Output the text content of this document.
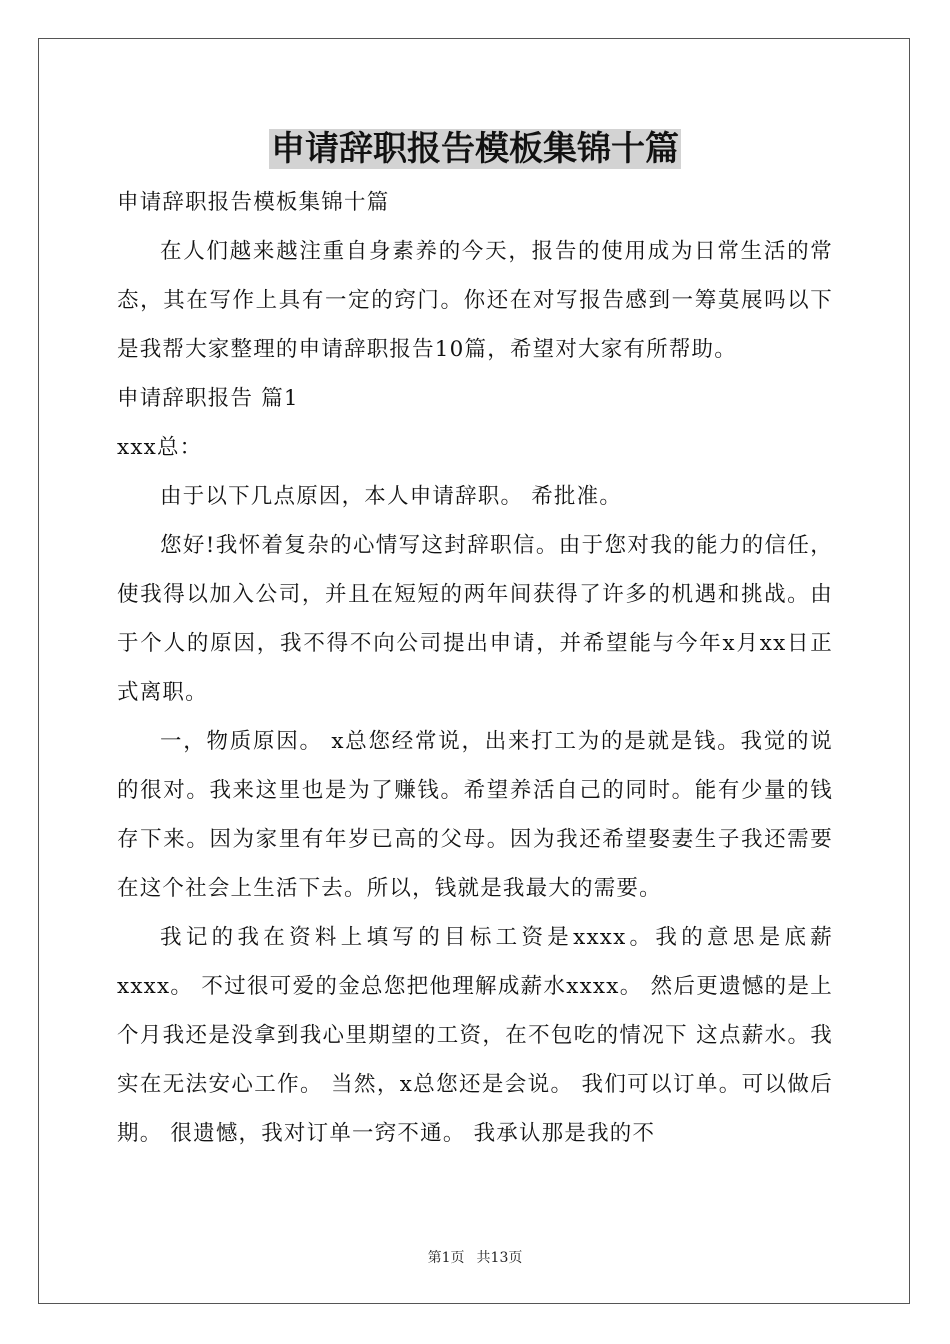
申请辞职报告模板集锦十篇

申请辞职报告模板集锦十篇

在人们越来越注重自身素养的今天，报告的使用成为日常生活的常态，其在写作上具有一定的窍门。你还在对写报告感到一筹莫展吗以下是我帮大家整理的申请辞职报告10篇，希望对大家有所帮助。

申请辞职报告 篇1

xxx总：

由于以下几点原因，本人申请辞职。 希批准。

您好!我怀着复杂的心情写这封辞职信。由于您对我的能力的信任，使我得以加入公司，并且在短短的两年间获得了许多的机遇和挑战。由于个人的原因，我不得不向公司提出申请，并希望能与今年x月xx日正式离职。

一，物质原因。 x总您经常说，出来打工为的是就是钱。我觉的说的很对。我来这里也是为了赚钱。希望养活自己的同时。能有少量的钱存下来。因为家里有年岁已高的父母。因为我还希望娶妻生子我还需要在这个社会上生活下去。所以，钱就是我最大的需要。

我记的我在资料上填写的目标工资是xxxx。我的意思是底薪xxxx。 不过很可爱的金总您把他理解成薪水xxxx。 然后更遗憾的是上个月我还是没拿到我心里期望的工资，在不包吃的情况下 这点薪水。我实在无法安心工作。 当然，x总您还是会说。 我们可以订单。可以做后期。 很遗憾，我对订单一窍不通。 我承认那是我的不

第1页 共13页
